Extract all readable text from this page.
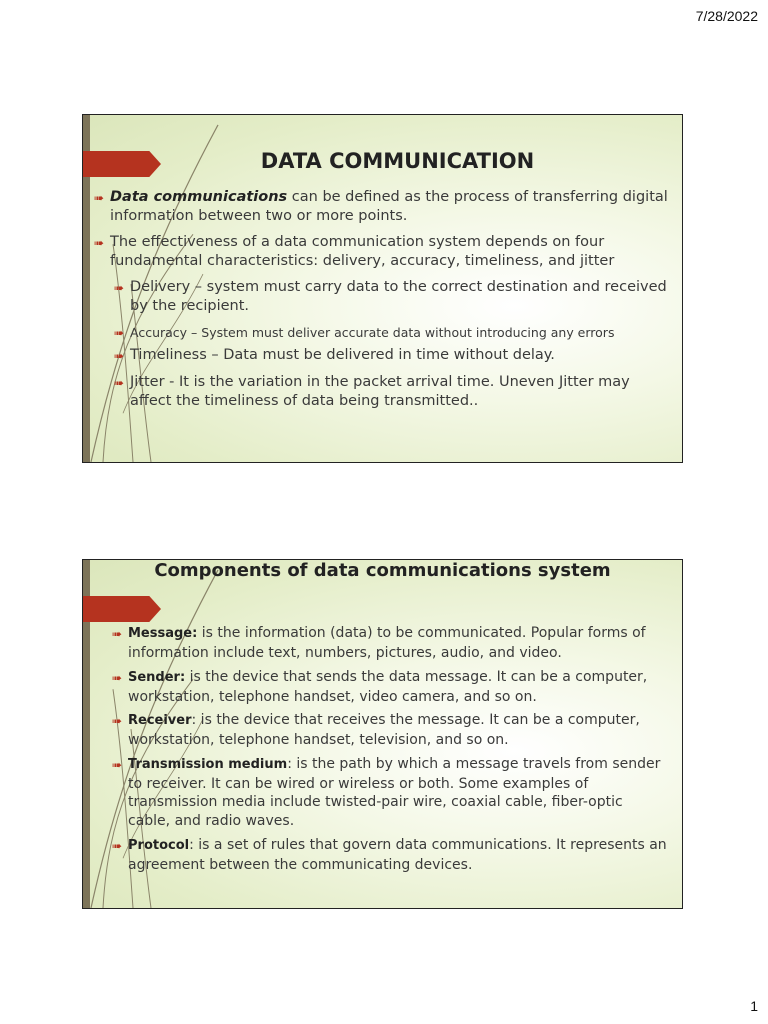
7/28/2022
DATA COMMUNICATION
➠ Data communications can be defined as the process of transferring digital information between two or more points.
➠ The effectiveness of a data communication system depends on four fundamental characteristics: delivery, accuracy, timeliness, and jitter
➠ Delivery – system must carry data to the correct destination and received by the recipient.
➠ Accuracy – System must deliver accurate data without introducing any errors
➠ Timeliness – Data must be delivered in time without delay.
➠ Jitter - It is the variation in the packet arrival time. Uneven Jitter may affect the timeliness of data being transmitted..
Components of data communications system
➠ Message: is the information (data) to be communicated. Popular forms of information include text, numbers, pictures, audio, and video.
➠ Sender: is the device that sends the data message. It can be a computer, workstation, telephone handset, video camera, and so on.
➠ Receiver: is the device that receives the message. It can be a computer, workstation, telephone handset, television, and so on.
➠ Transmission medium: is the path by which a message travels from sender to receiver. It can be wired or wireless or both. Some examples of transmission media include twisted-pair wire, coaxial cable, fiber-optic cable, and radio waves.
➠ Protocol: is a set of rules that govern data communications. It represents an agreement between the communicating devices.
1
